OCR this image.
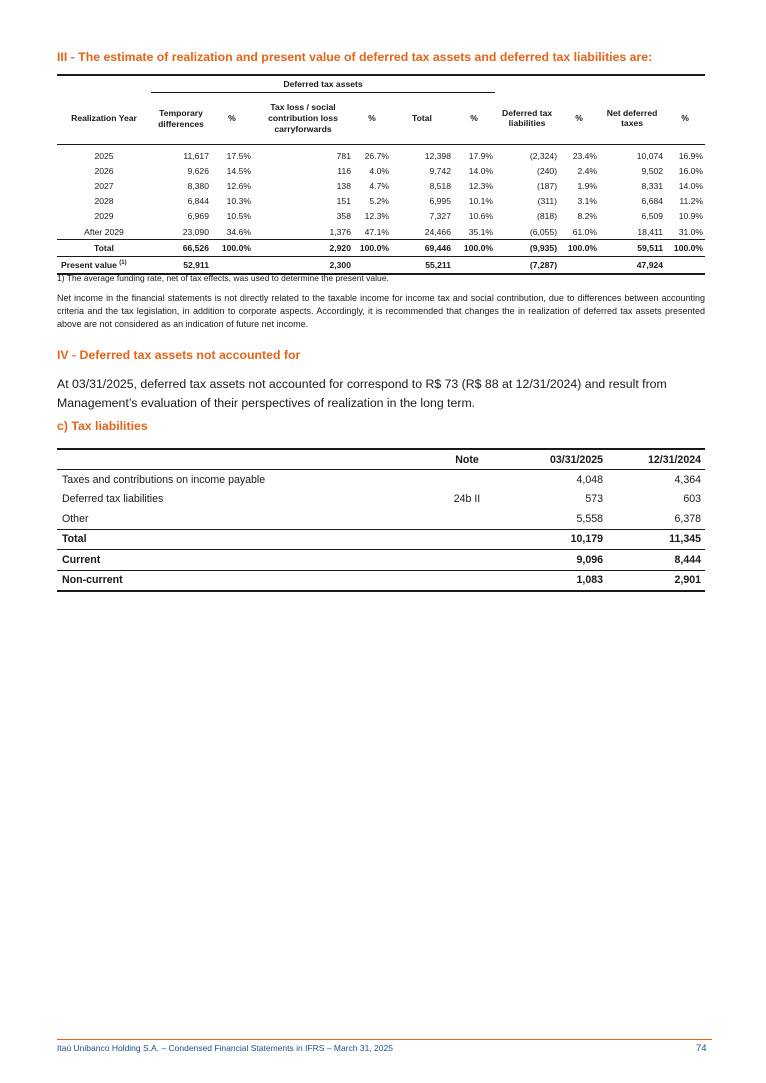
III - The estimate of realization and present value of deferred tax assets and deferred tax liabilities are:
	Deferred tax assets									
Realization Year	Temporary differences	%	Tax loss / social contribution loss carryforwards	%	Total	%	Deferred tax liabilities	%	Net deferred taxes	%
2025	11,617	17.5%	781	26.7%	12,398	17.9%	(2,324)	23.4%	10,074	16.9%
2026	9,626	14.5%	116	4.0%	9,742	14.0%	(240)	2.4%	9,502	16.0%
2027	8,380	12.6%	138	4.7%	8,518	12.3%	(187)	1.9%	8,331	14.0%
2028	6,844	10.3%	151	5.2%	6,995	10.1%	(311)	3.1%	6,684	11.2%
2029	6,969	10.5%	358	12.3%	7,327	10.6%	(818)	8.2%	6,509	10.9%
After 2029	23,090	34.6%	1,376	47.1%	24,466	35.1%	(6,055)	61.0%	18,411	31.0%
Total	66,526	100.0%	2,920	100.0%	69,446	100.0%	(9,935)	100.0%	59,511	100.0%
Present value $^{(1)}$	52,911		2,300		55,211		(7,287)		47,924	

1) The average funding rate, net of tax effects, was used to determine the present value.

Net income in the financial statements is not directly related to the taxable income for income tax and social contribution, due to differences between accounting criteria and the tax legislation, in addition to corporate aspects. Accordingly, it is recommended that changes the in realization of deferred tax assets presented above are not considered as an indication of future net income.

IV - Deferred tax assets not accounted for

At 03/31/2025, deferred tax assets not accounted for correspond to R$ 73 (R$ 88 at 12/31/2024) and result from Management’s evaluation of their perspectives of realization in the long term.

c) Tax liabilities
	Note	03/31/2025	12/31/2024
Taxes and contributions on income payable		4,048	4,364
Deferred tax liabilities	24b II	573	603
Other		5,558	6,378
Total		10,179	11,345
Current		9,096	8,444
Non-current		1,083	2,901

Itaú Unibanco Holding S.A. – Condensed Financial Statements in IFRS – March 31, 2025	74
